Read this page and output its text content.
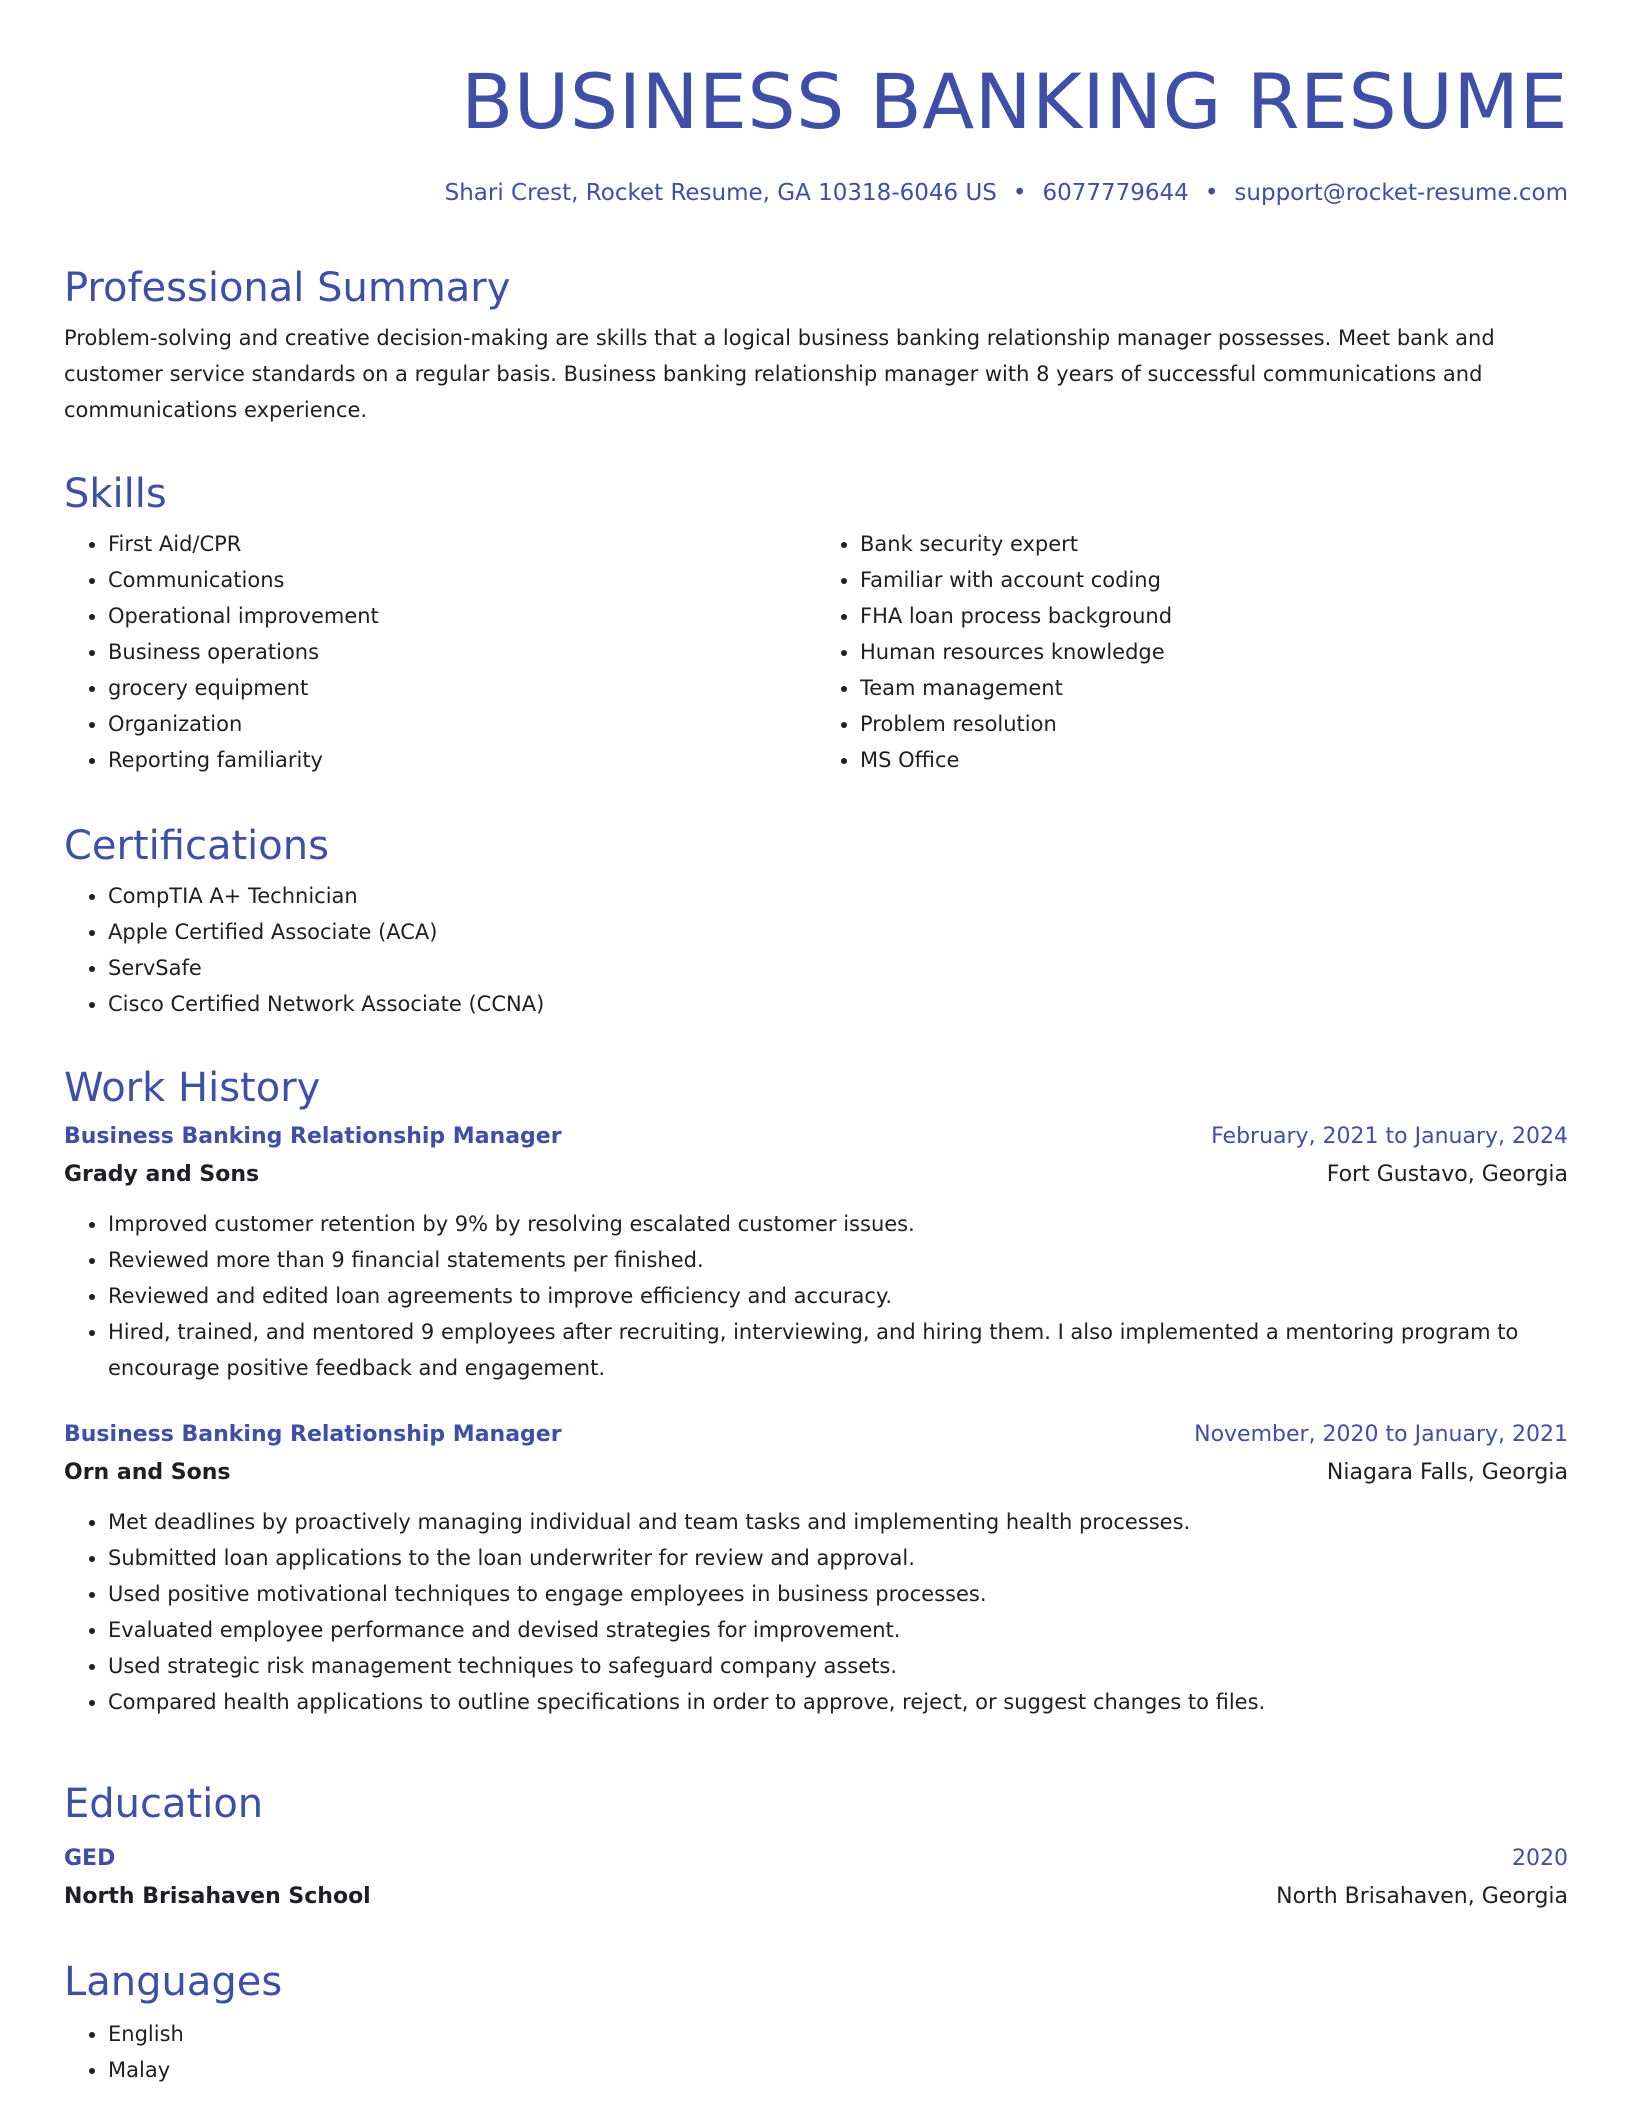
BUSINESS BANKING RESUME
Shari Crest, Rocket Resume, GA 10318-6046 US • 6077779644 • support@rocket-resume.com
Professional Summary

Problem-solving and creative decision-making are skills that a logical business banking relationship manager possesses. Meet bank and customer service standards on a regular basis. Business banking relationship manager with 8 years of successful communications and communications experience.

Skills
• First Aid/CPR
• Communications
• Operational improvement
• Business operations
• grocery equipment
• Organization
• Reporting familiarity
• Bank security expert
• Familiar with account coding
• FHA loan process background
• Human resources knowledge
• Team management
• Problem resolution
• MS Office
Certifications
• CompTIA A+ Technician
• Apple Certified Associate (ACA)
• ServSafe
• Cisco Certified Network Associate (CCNA)
Work History
Business Banking Relationship Manager	February, 2021 to January, 2024
Grady and Sons	Fort Gustavo, Georgia
• Improved customer retention by 9% by resolving escalated customer issues.
• Reviewed more than 9 financial statements per finished.
• Reviewed and edited loan agreements to improve efficiency and accuracy.
• Hired, trained, and mentored 9 employees after recruiting, interviewing, and hiring them. I also implemented a mentoring program to encourage positive feedback and engagement.
Business Banking Relationship Manager	November, 2020 to January, 2021
Orn and Sons	Niagara Falls, Georgia
• Met deadlines by proactively managing individual and team tasks and implementing health processes.
• Submitted loan applications to the loan underwriter for review and approval.
• Used positive motivational techniques to engage employees in business processes.
• Evaluated employee performance and devised strategies for improvement.
• Used strategic risk management techniques to safeguard company assets.
• Compared health applications to outline specifications in order to approve, reject, or suggest changes to files.
Education
GED	2020
North Brisahaven School	North Brisahaven, Georgia
Languages
• English
• Malay
